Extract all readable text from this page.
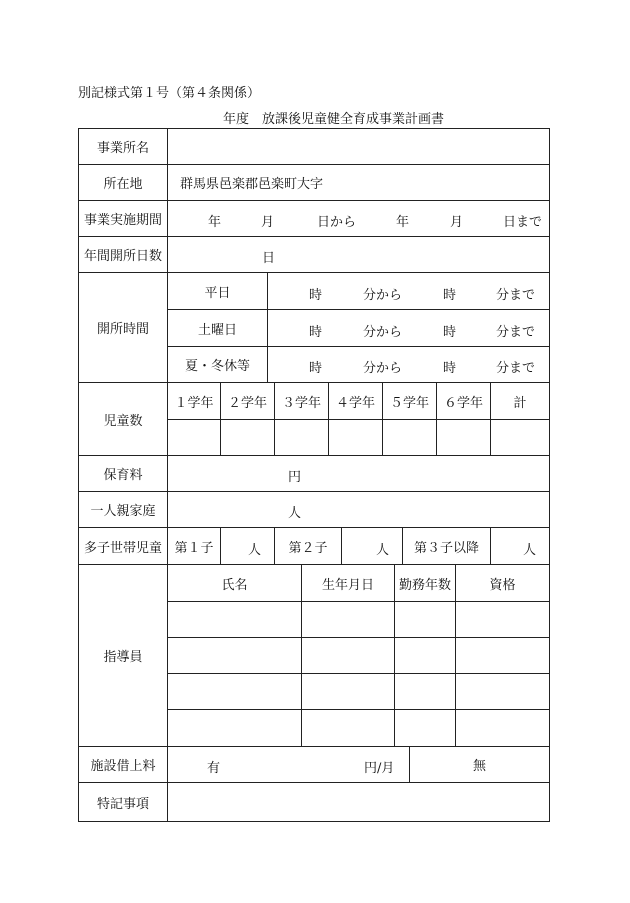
別記様式第１号（第４条関係）
年度　放課後児童健全育成事業計画書
事業所名
所在地	群馬県邑楽郡邑楽町大字
事業実施期間	年	月	日から	年	月	日まで
年間開所日数	日
開所時間
平日	時	分から	時	分まで
土曜日	時	分から	時	分まで
夏・冬休等	時	分から	時	分まで
児童数
１学年	２学年	３学年	４学年	５学年	６学年	計
保育料	円
一人親家庭	人
多子世帯児童 第１子	人	第２子	人	第３子以降	人
指導員
氏名	生年月日	勤務年数	資格
施設借上料	有	円/月	無
特記事項
